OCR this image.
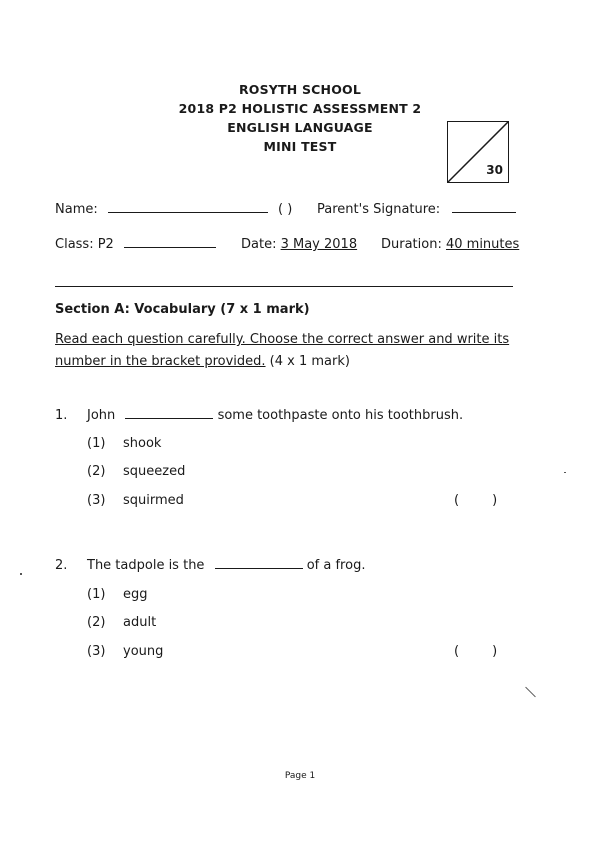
ROSYTH SCHOOL
2018 P2 HOLISTIC ASSESSMENT 2
ENGLISH LANGUAGE
MINI TEST
30
Name:	( ) Parent's Signature:
Class: P2	Date: 3 May 2018 Duration: 40 minutes
Section A: Vocabulary (7 x 1 mark)
Read each question carefully. Choose the correct answer and write its number in the bracket provided. (4 x 1 mark)
1. John	some toothpaste onto his toothbrush.
(1) shook
(2) squeezed
(3) squirmed	(        )
2. The tadpole is the	of a frog.
(1) egg
(2) adult
(3) young	(        )
Page 1
